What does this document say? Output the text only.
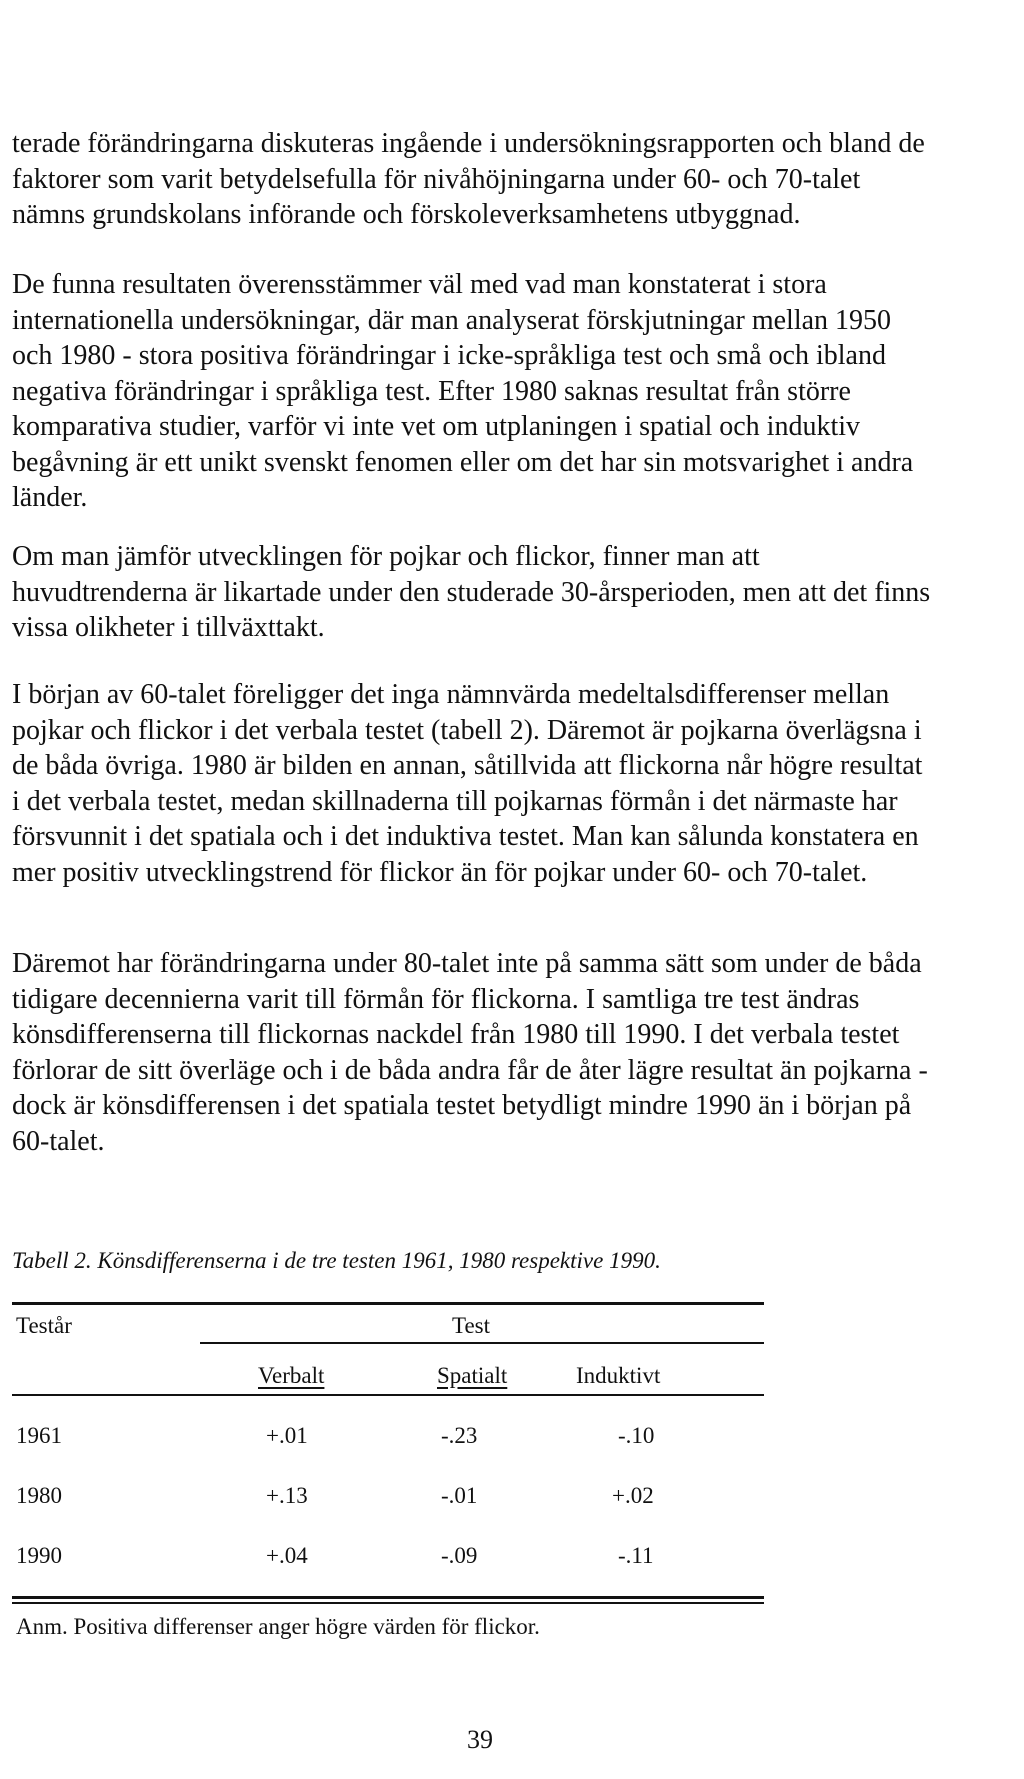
terade förändringarna diskuteras ingående i undersökningsrapporten och bland de faktorer som varit betydelsefulla för nivåhöjningarna under 60- och 70-talet nämns grundskolans införande och förskoleverksamhetens utbyggnad.

De funna resultaten överensstämmer väl med vad man konstaterat i stora internationella undersökningar, där man analyserat förskjutningar mellan 1950 och 1980 - stora positiva förändringar i icke-språkliga test och små och ibland negativa förändringar i språkliga test. Efter 1980 saknas resultat från större komparativa studier, varför vi inte vet om utplaningen i spatial och induktiv begåvning är ett unikt svenskt fenomen eller om det har sin motsvarighet i andra länder.

Om man jämför utvecklingen för pojkar och flickor, finner man att huvudtrenderna är likartade under den studerade 30-årsperioden, men att det finns vissa olikheter i tillväxttakt.

I början av 60-talet föreligger det inga nämnvärda medeltalsdifferenser mellan pojkar och flickor i det verbala testet (tabell 2). Däremot är pojkarna överlägsna i de båda övriga. 1980 är bilden en annan, såtillvida att flickorna når högre resultat i det verbala testet, medan skillnaderna till pojkarnas förmån i det närmaste har försvunnit i det spatiala och i det induktiva testet. Man kan sålunda konstatera en mer positiv utvecklingstrend för flickor än för pojkar under 60- och 70-talet.

Däremot har förändringarna under 80-talet inte på samma sätt som under de båda tidigare decennierna varit till förmån för flickorna. I samtliga tre test ändras könsdifferenserna till flickornas nackdel från 1980 till 1990. I det verbala testet förlorar de sitt överläge och i de båda andra får de åter lägre resultat än pojkarna - dock är könsdifferensen i det spatiala testet betydligt mindre 1990 än i början på 60-talet.

Tabell 2. Könsdifferenserna i de tre testen 1961, 1980 respektive 1990.

Testår	Test
Verbalt	Spatialt	Induktivt
1961	+.01	-.23	-.10
1980	+.13	-.01	+.02
1990	+.04	-.09	-.11

Anm. Positiva differenser anger högre värden för flickor.

39
